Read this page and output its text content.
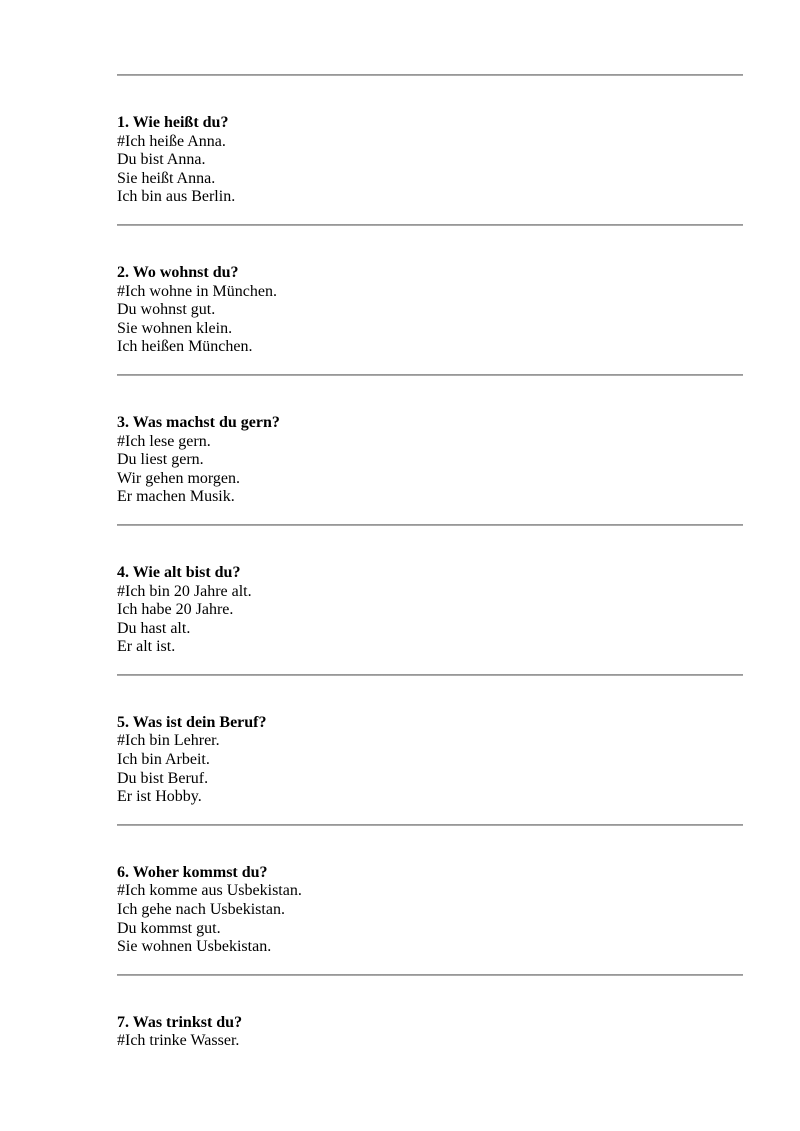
1. Wie heißt du?

#Ich heiße Anna.

Du bist Anna.

Sie heißt Anna.

Ich bin aus Berlin.

2. Wo wohnst du?

#Ich wohne in München.

Du wohnst gut.

Sie wohnen klein.

Ich heißen München.

3. Was machst du gern?

#Ich lese gern.

Du liest gern.

Wir gehen morgen.

Er machen Musik.

4. Wie alt bist du?

#Ich bin 20 Jahre alt.

Ich habe 20 Jahre.

Du hast alt.

Er alt ist.

5. Was ist dein Beruf?

#Ich bin Lehrer.

Ich bin Arbeit.

Du bist Beruf.

Er ist Hobby.

6. Woher kommst du?

#Ich komme aus Usbekistan.

Ich gehe nach Usbekistan.

Du kommst gut.

Sie wohnen Usbekistan.

7. Was trinkst du?

#Ich trinke Wasser.
